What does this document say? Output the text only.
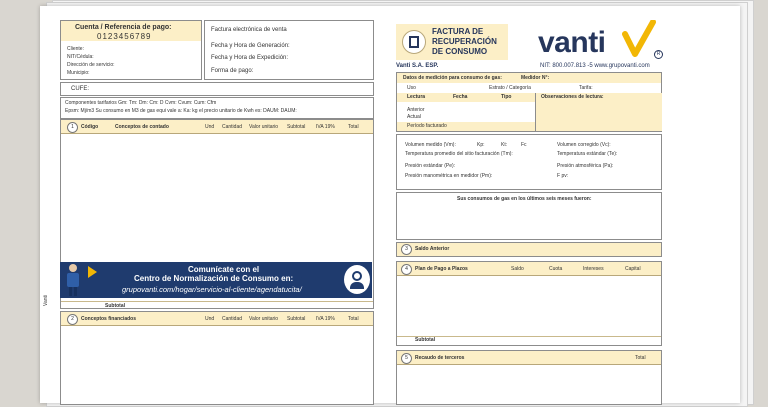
Vanti
Cuenta / Referencia de pago:
0123456789
Cliente:
NIT/Cédula:
Dirección de servicio:
Municipio:
Factura electrónica de venta
Fecha y Hora de Generación:
Fecha y Hora de Expedición:
Forma de pago:
CUFE:
Componentes tarifarios Gm: Tm: Dm: Cm: D Cvm: Cvum: Cum: Cfm
Epsm: Mj/m3 Su consumo en M3 de gas equi vale a: Ka: kg el precio unitario de Kwh es: DAUM: DAUM:
1	Código	Conceptos de contado	Und Cantidad Valor unitario Subtotal IVA 19%	Total
Subtotal
Comunícate con el
Centro de Normalización de Consumo en:
grupovanti.com/hogar/servicio-al-cliente/agendatucita/
2	Conceptos financiados	Und Cantidad Valor unitario Subtotal IVA 19%	Total
FACTURA DE
RECUPERACIÓN
DE CONSUMO vanti	R
Vanti S.A. ESP.	NIT: 800.007.813 -5 www.grupovanti.com
Datos de medición para consumo de gas:	Medidor N°:
Uso	Estrato / Categoría	Tarifa:
Lectura	Fecha	Tipo	Observaciones de lectura:
Anterior
Actual
Período facturado
Volumen medido (Vm):
Temperatura promedio del sitio facturación (Tm):
Presión estándar (Pe):
Presión manométrica en medidor (Pm):
Kp:	Kt:	Fc	Volumen corregido (Vc):
Temperatura estándar (Te):
Presión atmosférica (Pa):
F pv:
Sus consumos de gas en los últimos seis meses fueron:
3	Saldo Anterior
4	Plan de Pago a Plazos	Saldo	Cuota	Intereses	Capital
Subtotal
5	Recaudo de terceros	Total
